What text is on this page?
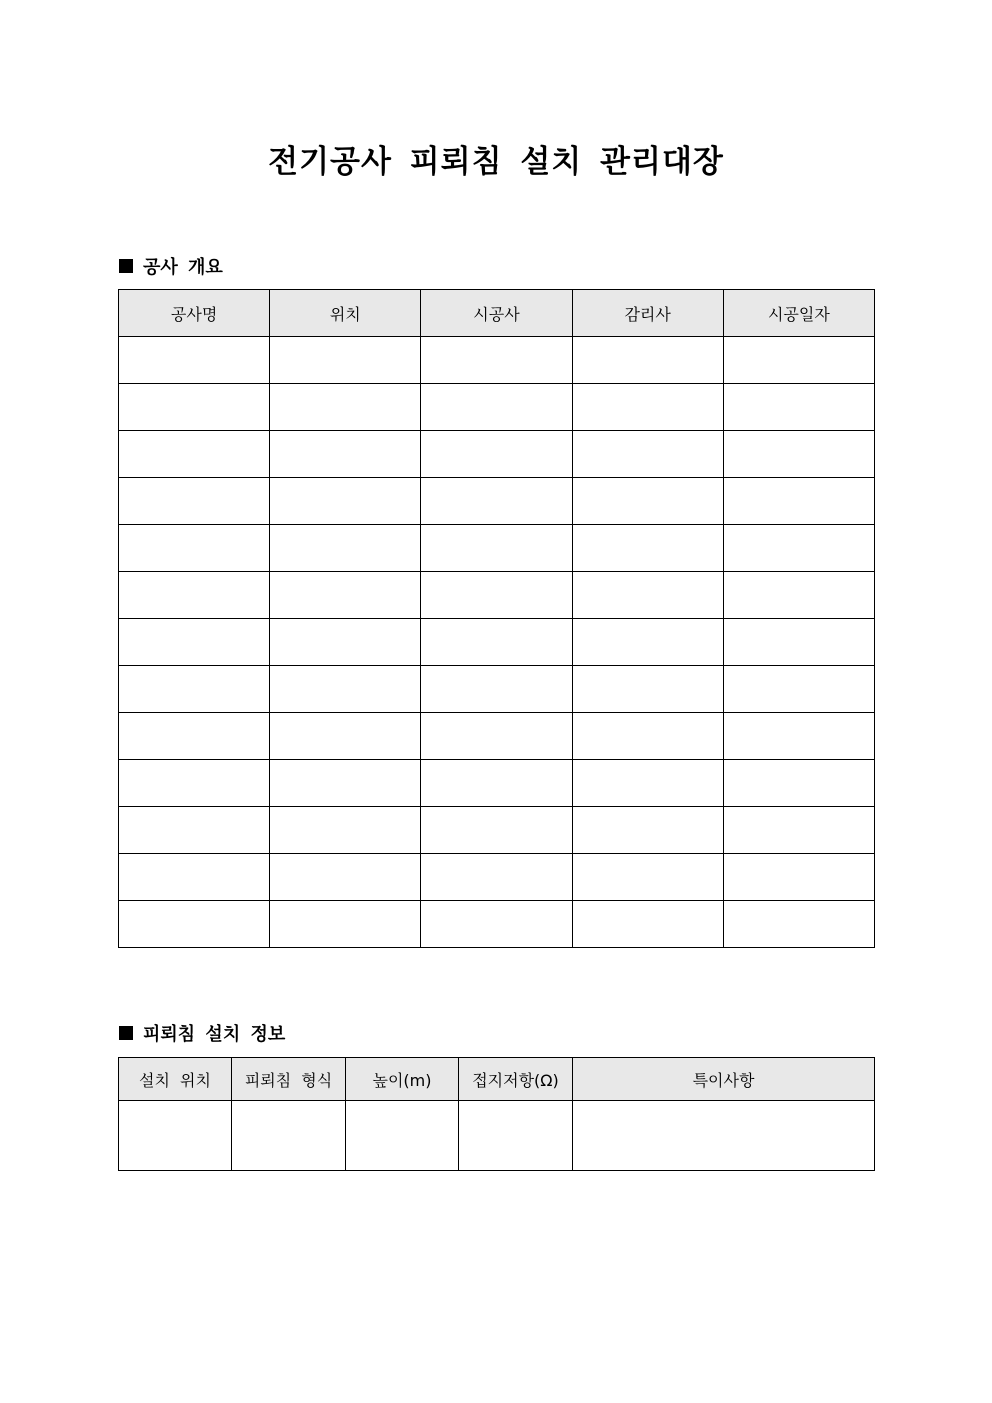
전기공사 피뢰침 설치 관리대장
공사 개요
공사명	위치	시공사	감리사	시공일자

피뢰침 설치 정보
설치 위치	피뢰침 형식	높이(m)	접지저항(Ω)	특이사항
